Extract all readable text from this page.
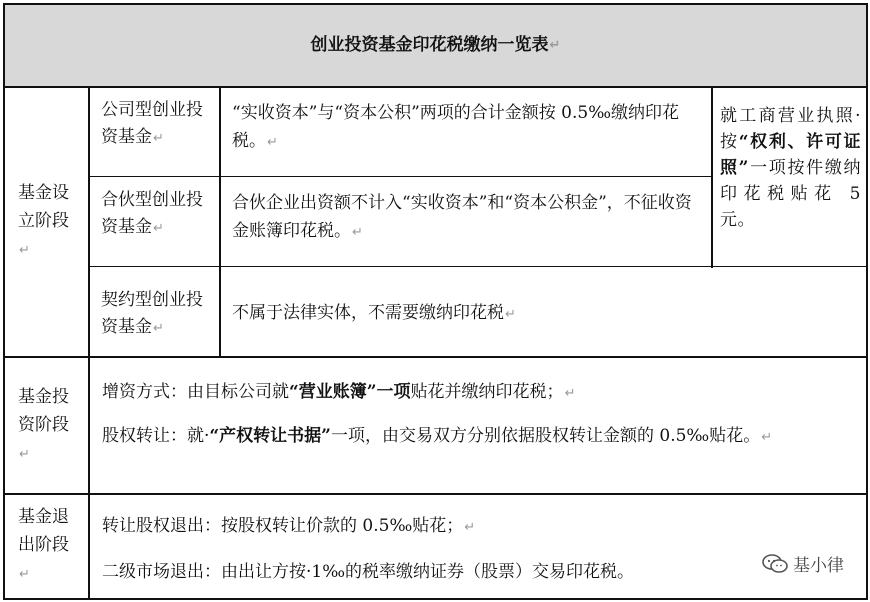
创业投资基金印花税缴纳一览表 ↵
基金设立阶段↵
公司型创业投资基金↵
“实收资本”与“资本公积”两项的合计金额按 0.5‰缴纳印花税。↵
合伙型创业投资基金↵
合伙企业出资额不计入“实收资本”和“资本公积金”，不征收资金账簿印花税。↵
就工商营业执照·按“权利、许可证照”一项按件缴纳印花税贴花 5 元。
契约型创业投资基金↵
不属于法律实体，不需要缴纳印花税↵
基金投资阶段↵
增资方式：由目标公司就“营业账簿”一项贴花并缴纳印花税；↵
股权转让：就·“产权转让书据”一项，由交易双方分别依据股权转让金额的 0.5‰贴花。↵
基金退出阶段↵
转让股权退出：按股权转让价款的 0.5‰贴花；↵
二级市场退出：由出让方按·1‰的税率缴纳证券（股票）交易印花税。	基小律
